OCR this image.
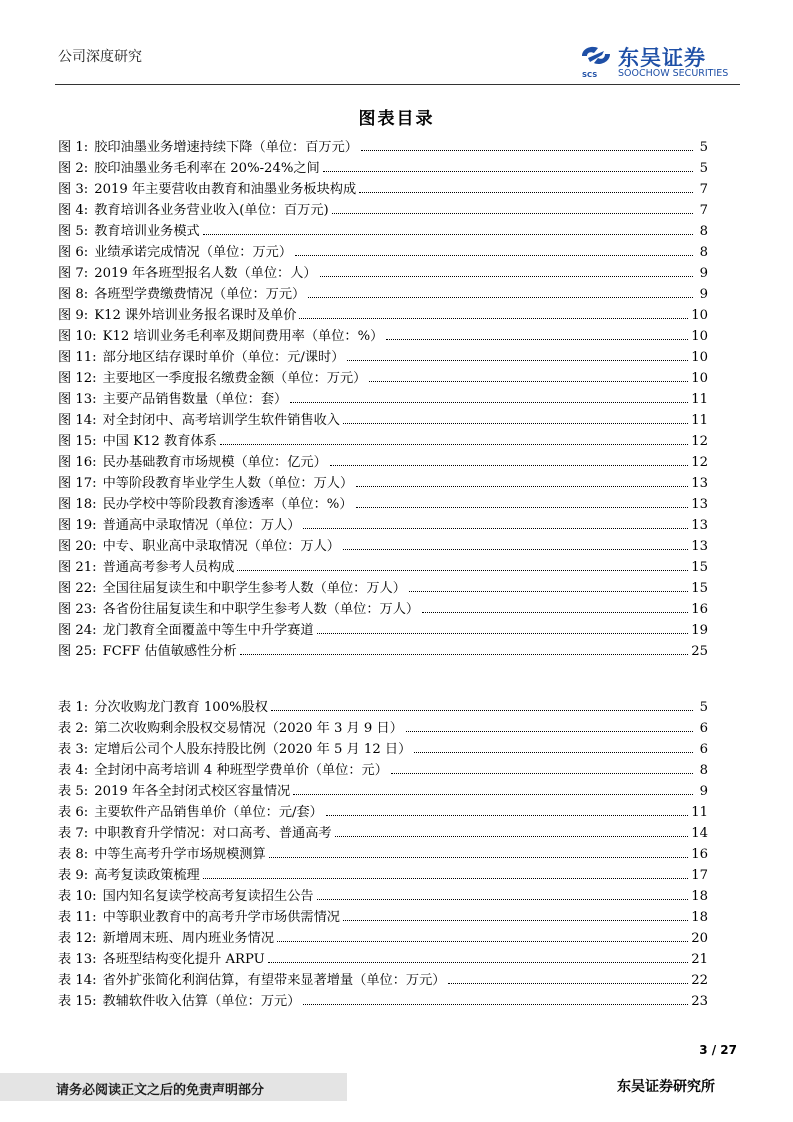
公司深度研究
SCS
东吴证券
SOOCHOW SECURITIES
图表目录
图 1: 胶印油墨业务增速持续下降（单位：百万元）	5
图 2: 胶印油墨业务毛利率在 20%-24%之间	5
图 3: 2019 年主要营收由教育和油墨业务板块构成	7
图 4: 教育培训各业务营业收入(单位：百万元)	7
图 5: 教育培训业务模式	8
图 6: 业绩承诺完成情况（单位：万元）	8
图 7: 2019 年各班型报名人数（单位：人）	9
图 8: 各班型学费缴费情况（单位：万元）	9
图 9: K12 课外培训业务报名课时及单价	10
图 10: K12 培训业务毛利率及期间费用率（单位：%）	10
图 11: 部分地区结存课时单价（单位：元/课时）	10
图 12: 主要地区一季度报名缴费金额（单位：万元）	10
图 13: 主要产品销售数量（单位：套）	11
图 14: 对全封闭中、高考培训学生软件销售收入	11
图 15: 中国 K12 教育体系	12
图 16: 民办基础教育市场规模（单位：亿元）	12
图 17: 中等阶段教育毕业学生人数（单位：万人）	13
图 18: 民办学校中等阶段教育渗透率（单位：%）	13
图 19: 普通高中录取情况（单位：万人）	13
图 20: 中专、职业高中录取情况（单位：万人）	13
图 21: 普通高考参考人员构成	15
图 22: 全国往届复读生和中职学生参考人数（单位：万人）	15
图 23: 各省份往届复读生和中职学生参考人数（单位：万人）	16
图 24: 龙门教育全面覆盖中等生中升学赛道	19
图 25: FCFF 估值敏感性分析	25
表 1: 分次收购龙门教育 100%股权	5
表 2: 第二次收购剩余股权交易情况（2020 年 3 月 9 日）	6
表 3: 定增后公司个人股东持股比例（2020 年 5 月 12 日）	6
表 4: 全封闭中高考培训 4 种班型学费单价（单位：元）	8
表 5: 2019 年各全封闭式校区容量情况	9
表 6: 主要软件产品销售单价（单位：元/套）	11
表 7: 中职教育升学情况：对口高考、普通高考	14
表 8: 中等生高考升学市场规模测算	16
表 9: 高考复读政策梳理	17
表 10: 国内知名复读学校高考复读招生公告	18
表 11: 中等职业教育中的高考升学市场供需情况	18
表 12: 新增周末班、周内班业务情况	20
表 13: 各班型结构变化提升 ARPU	21
表 14: 省外扩张简化利润估算，有望带来显著增量（单位：万元）	22
表 15: 教辅软件收入估算（单位：万元）	23
3 / 27
请务必阅读正文之后的免责声明部分	东吴证券研究所
